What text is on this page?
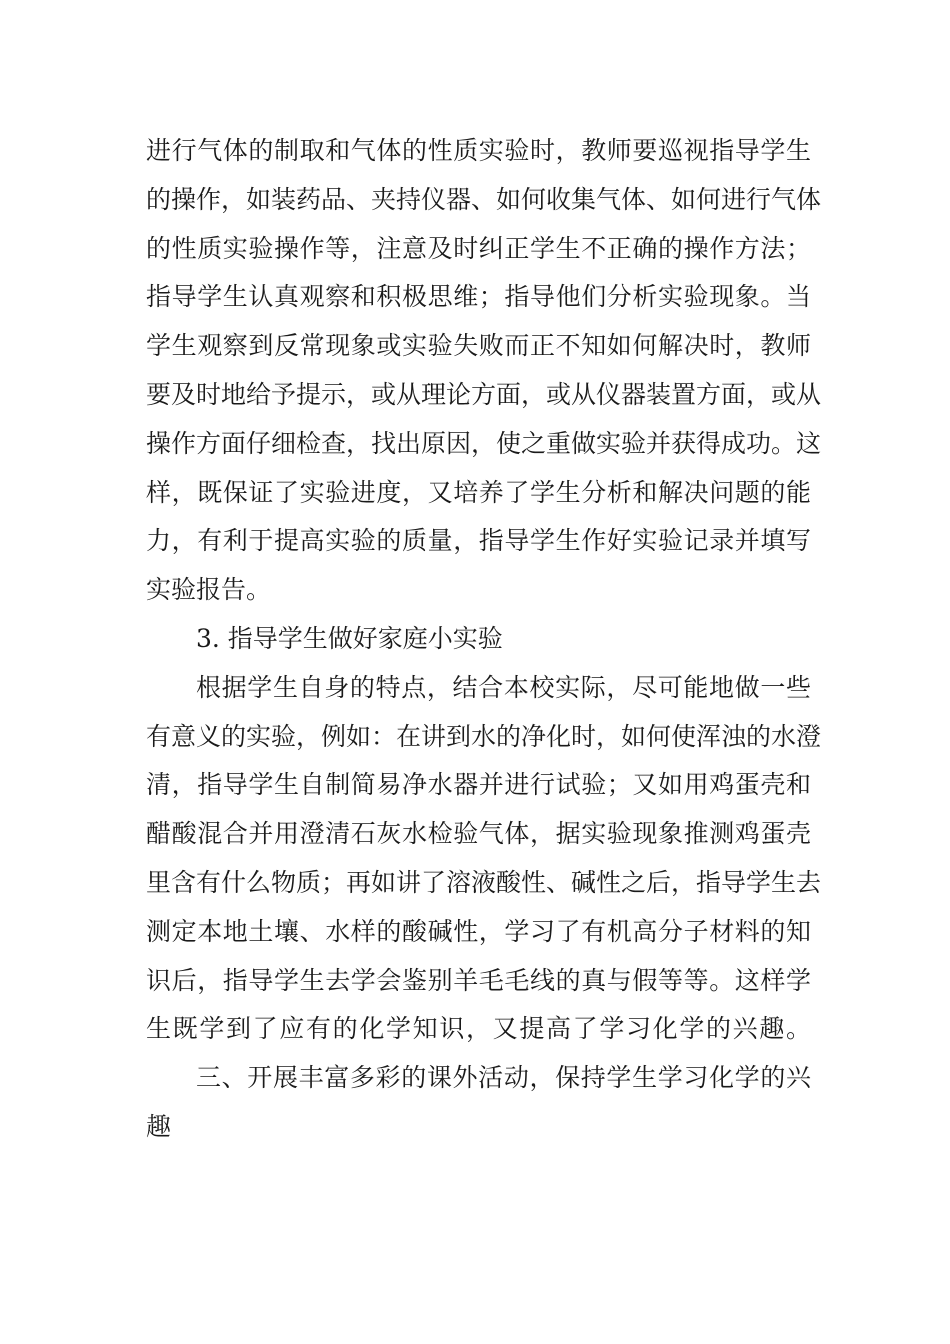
进行气体的制取和气体的性质实验时，教师要巡视指导学生
的操作，如装药品、夹持仪器、如何收集气体、如何进行气体
的性质实验操作等，注意及时纠正学生不正确的操作方法；
指导学生认真观察和积极思维；指导他们分析实验现象。当
学生观察到反常现象或实验失败而正不知如何解决时，教师
要及时地给予提示，或从理论方面，或从仪器装置方面，或从
操作方面仔细检查，找出原因，使之重做实验并获得成功。这
样，既保证了实验进度，又培养了学生分析和解决问题的能
力，有利于提高实验的质量，指导学生作好实验记录并填写
实验报告。
3. 指导学生做好家庭小实验
根据学生自身的特点，结合本校实际，尽可能地做一些
有意义的实验，例如：在讲到水的净化时，如何使浑浊的水澄
清，指导学生自制简易净水器并进行试验；又如用鸡蛋壳和
醋酸混合并用澄清石灰水检验气体，据实验现象推测鸡蛋壳
里含有什么物质；再如讲了溶液酸性、碱性之后，指导学生去
测定本地土壤、水样的酸碱性，学习了有机高分子材料的知
识后，指导学生去学会鉴别羊毛毛线的真与假等等。这样学
生既学到了应有的化学知识，又提高了学习化学的兴趣。
三、开展丰富多彩的课外活动，保持学生学习化学的兴
趣
